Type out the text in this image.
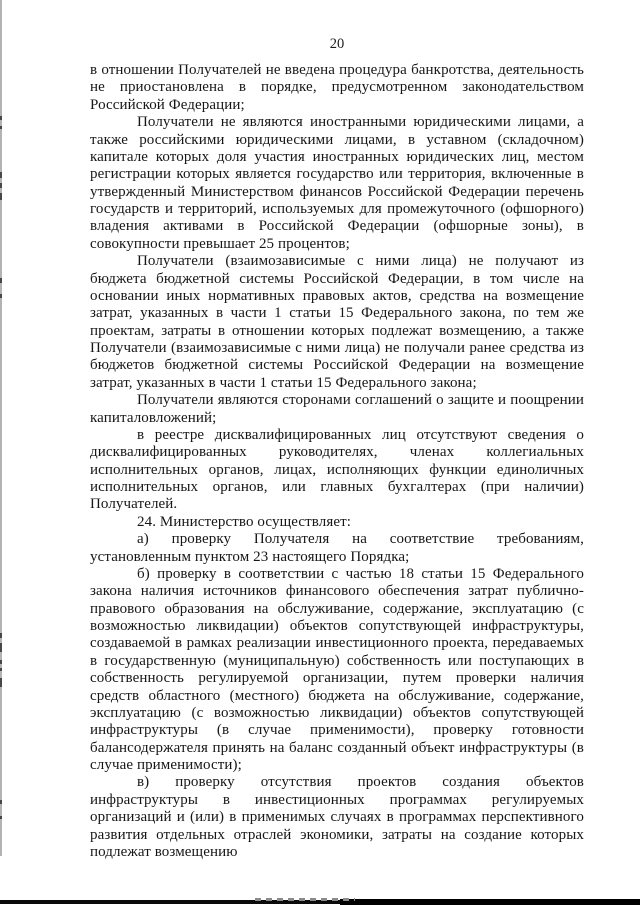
20

в отношении Получателей не введена процедура банкротства, деятельность не приостановлена в порядке, предусмотренном законодательством Российской Федерации;

Получатели не являются иностранными юридическими лицами, а также российскими юридическими лицами, в уставном (складочном) капитале которых доля участия иностранных юридических лиц, местом регистрации которых является государство или территория, включенные в утвержденный Министерством финансов Российской Федерации перечень государств и территорий, используемых для промежуточного (офшорного) владения активами в Российской Федерации (офшорные зоны), в совокупности превышает 25 процентов;

Получатели (взаимозависимые с ними лица) не получают из бюджета бюджетной системы Российской Федерации, в том числе на основании иных нормативных правовых актов, средства на возмещение затрат, указанных в части 1 статьи 15 Федерального закона, по тем же проектам, затраты в отношении которых подлежат возмещению, а также Получатели (взаимозависимые с ними лица) не получали ранее средства из бюджетов бюджетной системы Российской Федерации на возмещение затрат, указанных в части 1 статьи 15 Федерального закона;

Получатели являются сторонами соглашений о защите и поощрении капиталовложений;

в реестре дисквалифицированных лиц отсутствуют сведения о дисквалифицированных руководителях, членах коллегиальных исполнительных органов, лицах, исполняющих функции единоличных исполнительных органов, или главных бухгалтерах (при наличии) Получателей.

24. Министерство осуществляет:

а) проверку Получателя на соответствие требованиям, установленным пунктом 23 настоящего Порядка;

б) проверку в соответствии с частью 18 статьи 15 Федерального закона наличия источников финансового обеспечения затрат публично-правового образования на обслуживание, содержание, эксплуатацию (с возможностью ликвидации) объектов сопутствующей инфраструктуры, создаваемой в рамках реализации инвестиционного проекта, передаваемых в государственную (муниципальную) собственность или поступающих в собственность регулируемой организации, путем проверки наличия средств областного (местного) бюджета на обслуживание, содержание, эксплуатацию (с возможностью ликвидации) объектов сопутствующей инфраструктуры (в случае применимости), проверку готовности балансодержателя принять на баланс созданный объект инфраструктуры (в случае применимости);

в) проверку отсутствия проектов создания объектов инфраструктуры в инвестиционных программах регулируемых организаций и (или) в применимых случаях в программах перспективного развития отдельных отраслей экономики, затраты на создание которых подлежат возмещению
